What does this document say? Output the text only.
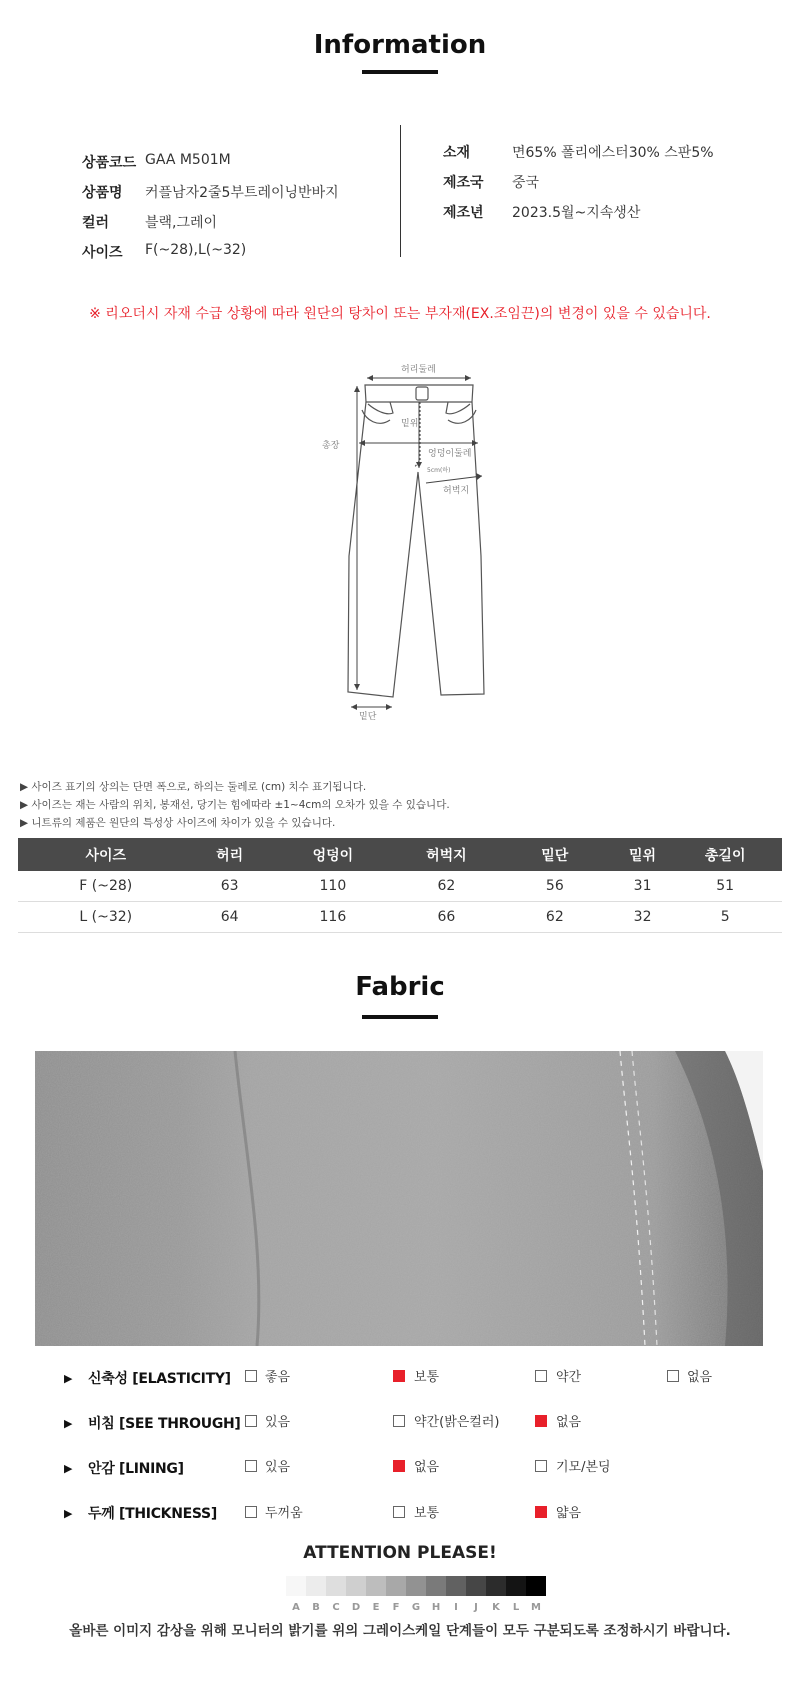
Information
상품코드 GAA M501M
상품명 커플남자2줄5부트레이닝반바지
컬러	블랙,그레이
사이즈 F(~28),L(~32)
소재	면65% 폴리에스터30% 스판5%
제조국 중국
제조년 2023.5월~지속생산
※ 리오더시 자재 수급 상황에 따라 원단의 탕차이 또는 부자재(EX.조임끈)의 변경이 있을 수 있습니다.
허리둘레
밑위
엉덩이둘레
5cm(하)
허벅지
총장
밑단
▶ 사이즈 표기의 상의는 단면 폭으로, 하의는 둘레로 (cm) 치수 표기됩니다.
▶ 사이즈는 재는 사람의 위치, 봉재선, 당기는 힘에따라 ±1~4cm의 오차가 있을 수 있습니다.
▶ 니트류의 제품은 원단의 특성상 사이즈에 차이가 있을 수 있습니다.
사이즈	허리	엉덩이	허벅지	밑단	밑위	총길이
F (~28)	63	110	62	56	31	51
L (~32)	64	116	66	62	32	5
Fabric
▶ 신축성 [ELASTICITY]	좋음	보통	약간	없음
▶ 비침 [SEE THROUGH] 있음	약간(밝은컬러)	없음
▶ 안감 [LINING]	있음	없음	기모/본딩
▶ 두께 [THICKNESS]	두꺼움	보통	얇음
ATTENTION PLEASE!
A	B	C	D	E	F	G	H	I	J	K	L	M
올바른 이미지 감상을 위해 모니터의 밝기를 위의 그레이스케일 단계들이 모두 구분되도록 조정하시기 바랍니다.
